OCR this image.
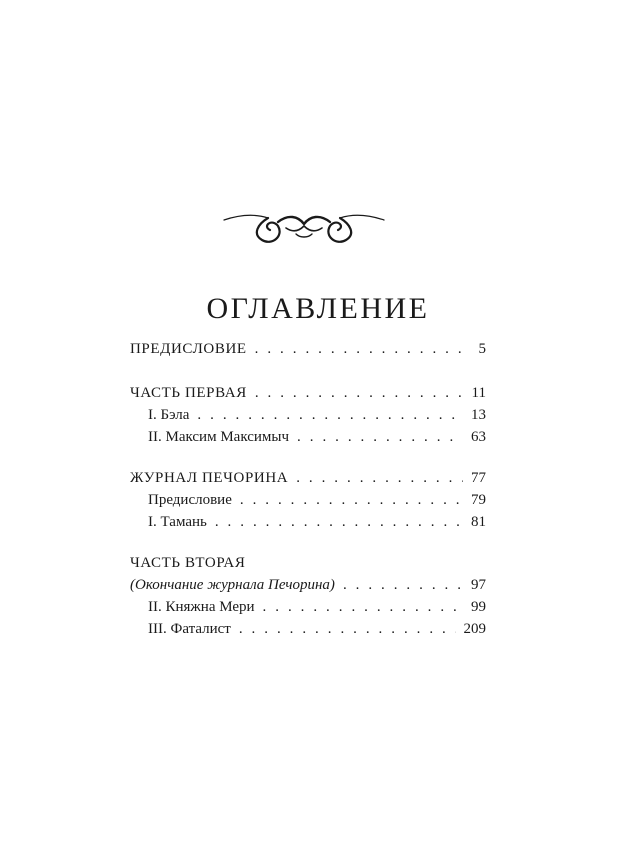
ОГЛАВЛЕНИЕ
ПРЕДИСЛОВИЕ . . .	5
ЧАСТЬ ПЕРВАЯ . . .	11
I. Бэла . . .	13
II. Максим Максимыч . . .	63
ЖУРНАЛ ПЕЧОРИНА . . .	77
Предисловие . . .	79
I. Тамань . . .	81
ЧАСТЬ ВТОРАЯ
(Окончание журнала Печорина) . . .	97
II. Княжна Мери . . .	99
III. Фаталист . . .	209
